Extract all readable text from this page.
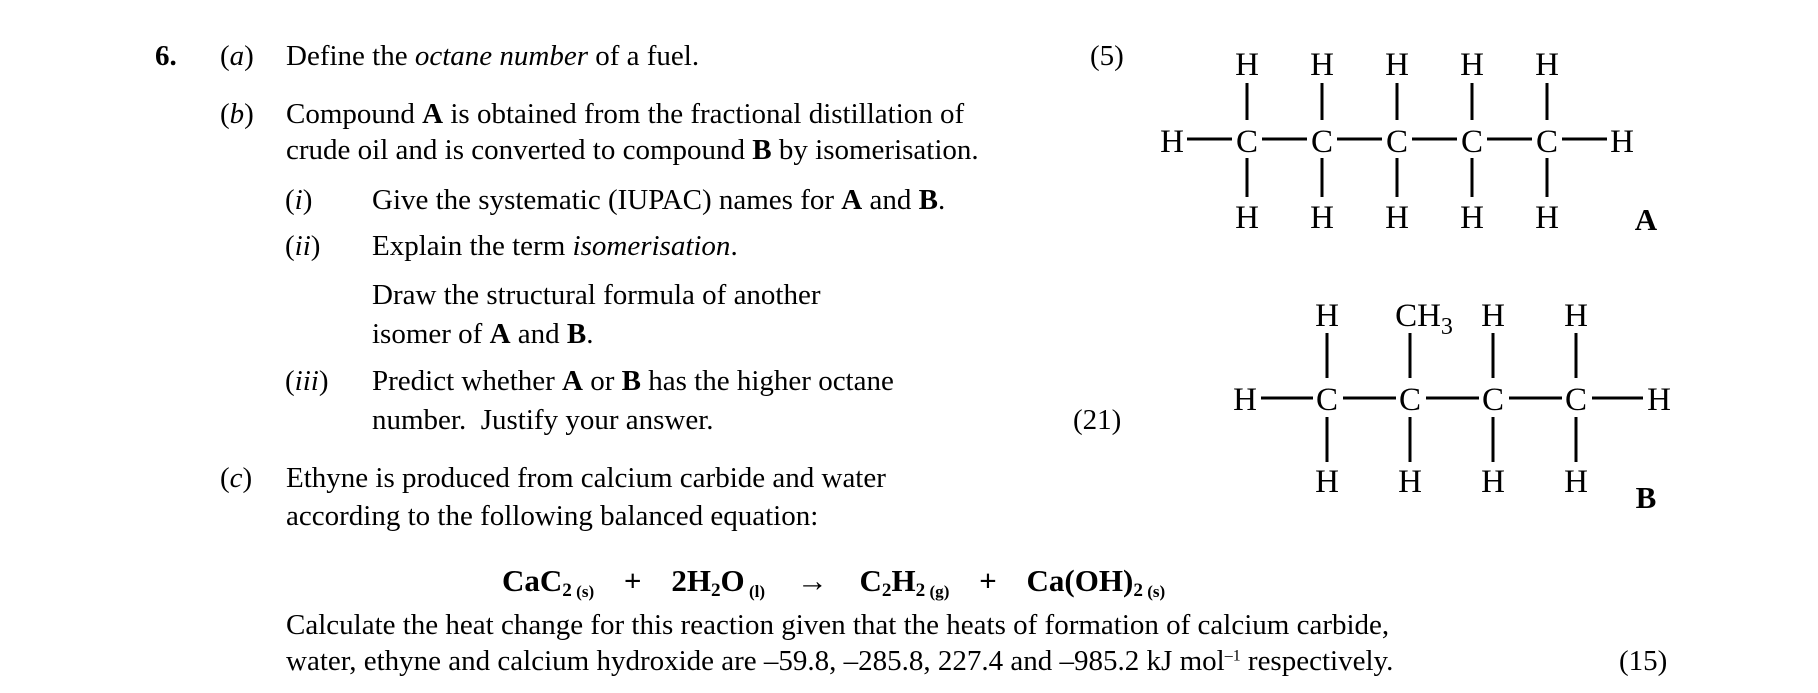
6. (a) Define the octane number of a fuel.	(5)
(b) Compound A is obtained from the fractional distillation of
crude oil and is converted to compound B by isomerisation.
(i) Give the systematic (IUPAC) names for A and B.
(ii) Explain the term isomerisation.
Draw the structural formula of another
isomer of A and B.
(iii) Predict whether A or B has the higher octane
number.  Justify your answer.	(21)
(c) Ethyne is produced from calcium carbide and water
according to the following balanced equation:
CaC$_2$ $_{(s)} + 2H_2O$ $_{(l)} \to C_2H_2$ $_{(g)} + Ca(OH)_2$ $_{(s)}$
Calculate the heat change for this reaction given that the heats of formation of calcium carbide,
water, ethyne and calcium hydroxide are –59.8, –285.8, 227.4 and –985.2 kJ mol$^{-1}$ respectively.	(15)
H C C C C C H
H H H H H
H H H H H A
H C C C C H
H $CH_3$ H H
H H H H B
